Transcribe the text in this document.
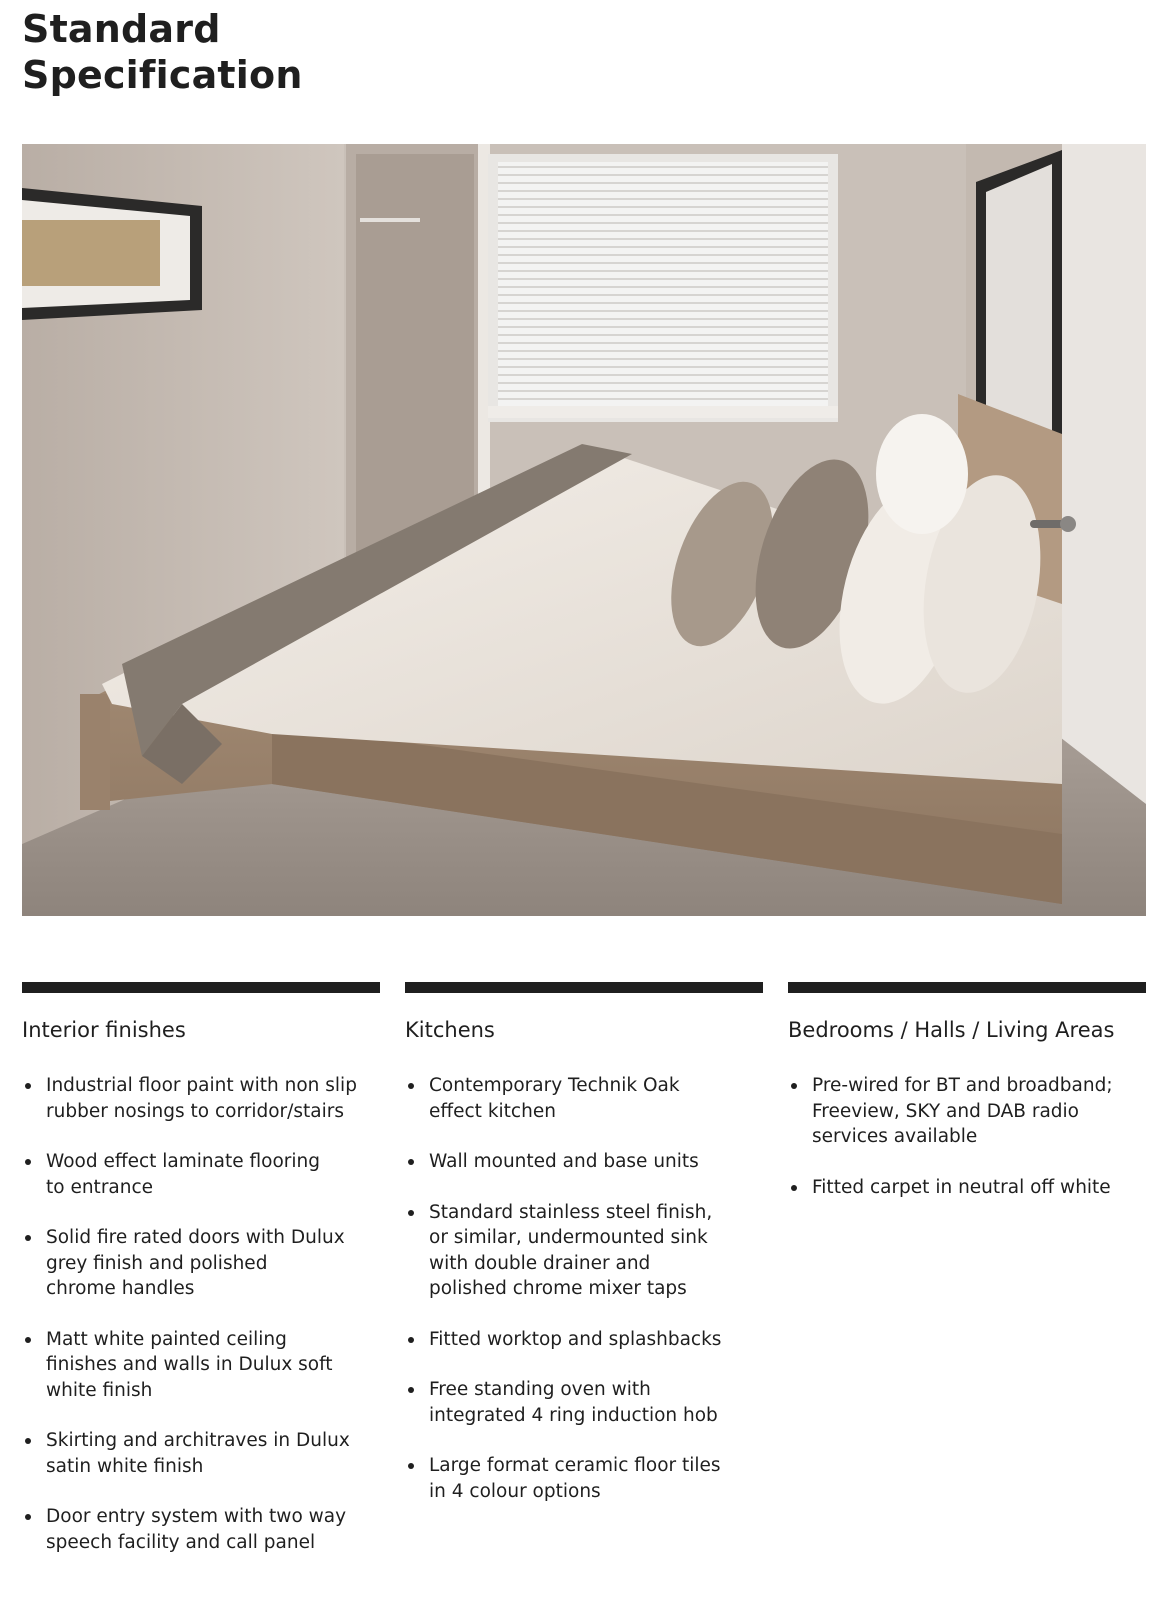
Standard
Specification
Interior finishes
Industrial floor paint with non slip
rubber nosings to corridor/stairs
Wood effect laminate flooring
to entrance
Solid fire rated doors with Dulux
grey finish and polished
chrome handles
Matt white painted ceiling
finishes and walls in Dulux soft
white finish
Skirting and architraves in Dulux
satin white finish
Door entry system with two way
speech facility and call panel
Kitchens
Contemporary Technik Oak
effect kitchen
Wall mounted and base units
Standard stainless steel finish,
or similar, undermounted sink
with double drainer and
polished chrome mixer taps
Fitted worktop and splashbacks
Free standing oven with
integrated 4 ring induction hob
Large format ceramic floor tiles
in 4 colour options
Bedrooms / Halls / Living Areas
Pre-wired for BT and broadband;
Freeview, SKY and DAB radio
services available
Fitted carpet in neutral off white
